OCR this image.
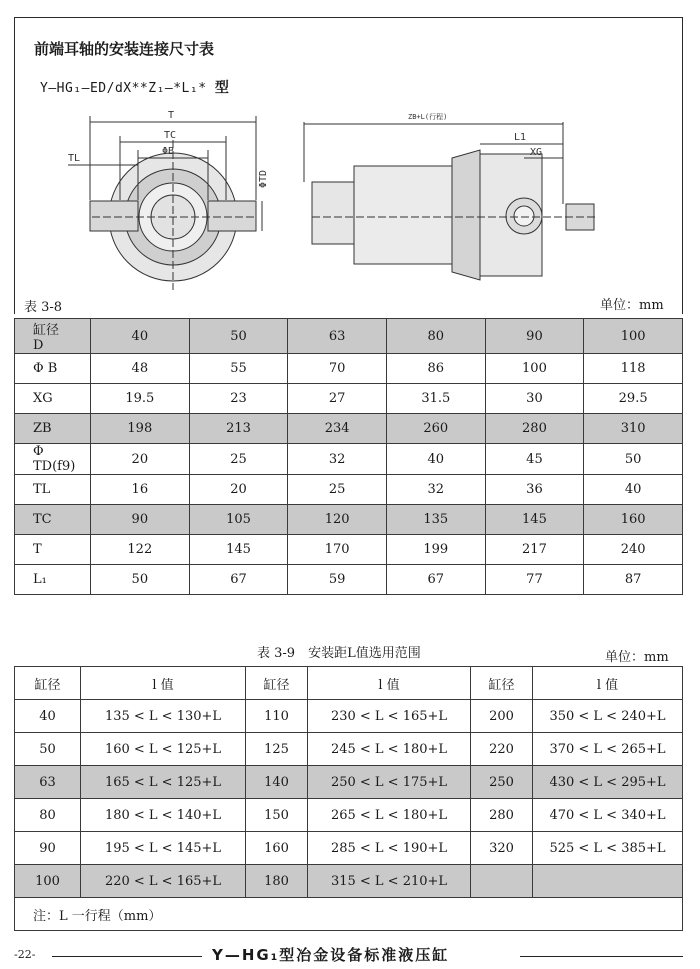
前端耳轴的安装连接尺寸表
Y—HG₁—ED/dX**Z₁—*L₁* 型
T
TC
ΦB
TL
ΦTD
ZB+L(行程)
L1
XG
表 3-8	单位：mm
缸径
D	40	50	63	80	90	100
Φ B	48	55	70	86	100	118
XG	19.5	23	27	31.5	30	29.5
ZB	198	213	234	260	280	310
Φ TD(f9)	20	25	32	40	45	50
TL	16	20	25	32	36	40
TC	90	105	120	135	145	160
T	122	145	170	199	217	240
L₁	50	67	59	67	77	87
表 3-9　安装距L值选用范围	单位：mm
缸径	l 值	缸径	l 值	缸径	l 值
40	135 < L < 130+L	110	230 < L < 165+L	200	350 < L < 240+L
50	160 < L < 125+L	125	245 < L < 180+L	220	370 < L < 265+L
63	165 < L < 125+L	140	250 < L < 175+L	250	430 < L < 295+L
80	180 < L < 140+L	150	265 < L < 180+L	280	470 < L < 340+L
90	195 < L < 145+L	160	285 < L < 190+L	320	525 < L < 385+L
100	220 < L < 165+L	180	315 < L < 210+L		
注：L 一行程（mm）					
-22-	Y—HG₁型冶金设备标准液压缸
